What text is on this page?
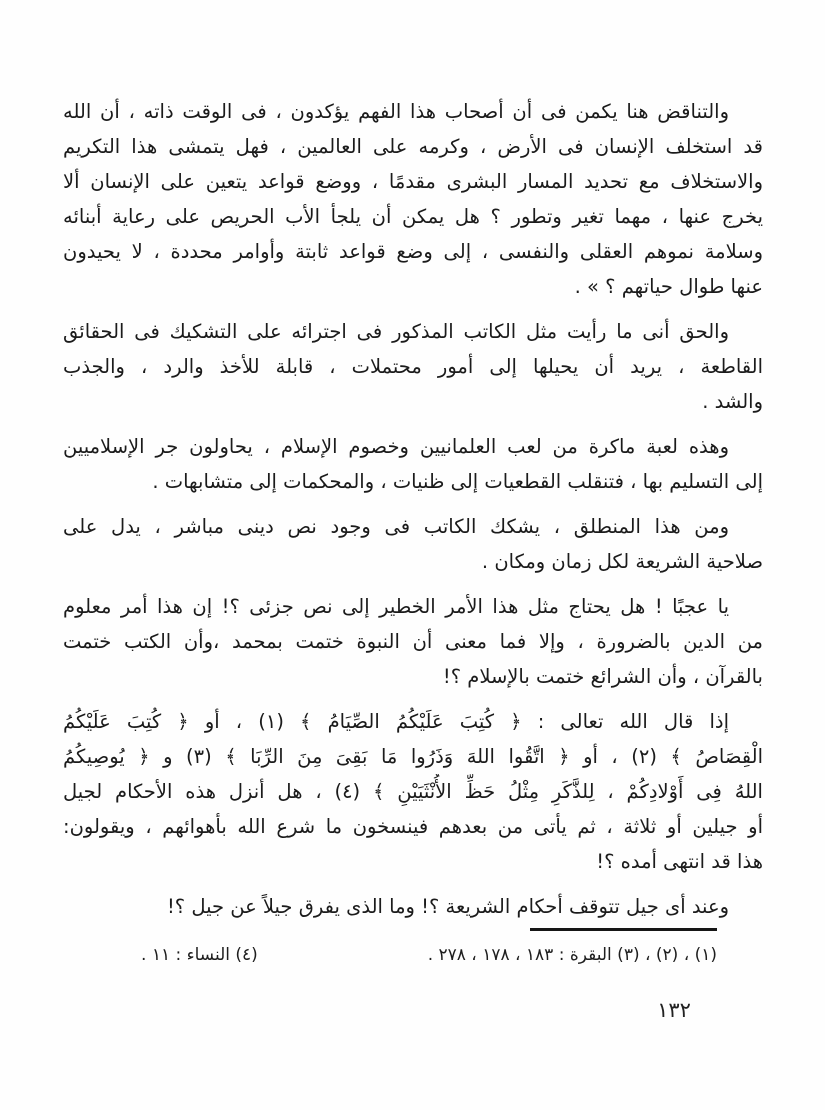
والتناقض هنا يكمن فى أن أصحاب هذا الفهم يؤكدون ، فى الوقت ذاته ، أن الله
قد استخلف الإنسان فى الأرض ، وكرمه على العالمين ، فهل يتمشى هذا التكريم
والاستخلاف مع تحديد المسار البشرى مقدمًا ، ووضع قواعد يتعين على الإنسان ألا
يخرج عنها ، مهما تغير وتطور ؟ هل يمكن أن يلجأ الأب الحريص على رعاية أبنائه
وسلامة نموهم العقلى والنفسى ، إلى وضع قواعد ثابتة وأوامر محددة ، لا يحيدون
عنها طوال حياتهم ؟ » .
والحق أنى ما رأيت مثل الكاتب المذكور فى اجترائه على التشكيك فى الحقائق
القاطعة ، يريد أن يحيلها إلى أمور محتملات ، قابلة للأخذ والرد ، والجذب
والشد .
وهذه لعبة ماكرة من لعب العلمانيين وخصوم الإسلام ، يحاولون جر الإسلاميين
إلى التسليم بها ، فتنقلب القطعيات إلى ظنيات ، والمحكمات إلى متشابهات .
ومن هذا المنطلق ، يشكك الكاتب فى وجود نص دينى مباشر ، يدل على
صلاحية الشريعة لكل زمان ومكان .
يا عجبًا ! هل يحتاج مثل هذا الأمر الخطير إلى نص جزئى ؟! إن هذا أمر معلوم
من الدين بالضرورة ، وإلا فما معنى أن النبوة ختمت بمحمد ،وأن الكتب ختمت
بالقرآن ، وأن الشرائع ختمت بالإسلام ؟!
إذا قال الله تعالى : ﴿ كُتِبَ عَلَيْكُمُ الصِّيَامُ ﴾ (١) ، أو ﴿ كُتِبَ عَلَيْكُمُ
الْقِصَاصُ ﴾ (٢) ، أو ﴿ اتَّقُوا اللهَ وَذَرُوا مَا بَقِىَ مِنَ الرِّبَا ﴾ (٣) و ﴿ يُوصِيكُمُ
اللهُ فِى أَوْلادِكُمْ ، لِلذَّكَرِ مِثْلُ حَظِّ الأُنْثَيَيْنِ ﴾ (٤) ، هل أنزل هذه الأحكام لجيل
أو جيلين أو ثلاثة ، ثم يأتى من بعدهم فينسخون ما شرع الله بأهوائهم ، ويقولون:
هذا قد انتهى أمده ؟!
وعند أى جيل تتوقف أحكام الشريعة ؟! وما الذى يفرق جيلاً عن جيل ؟!
(١) ، (٢) ، (٣) البقرة : ١٨٣ ، ١٧٨ ، ٢٧٨ .
(٤) النساء : ١١ .
١٣٢
